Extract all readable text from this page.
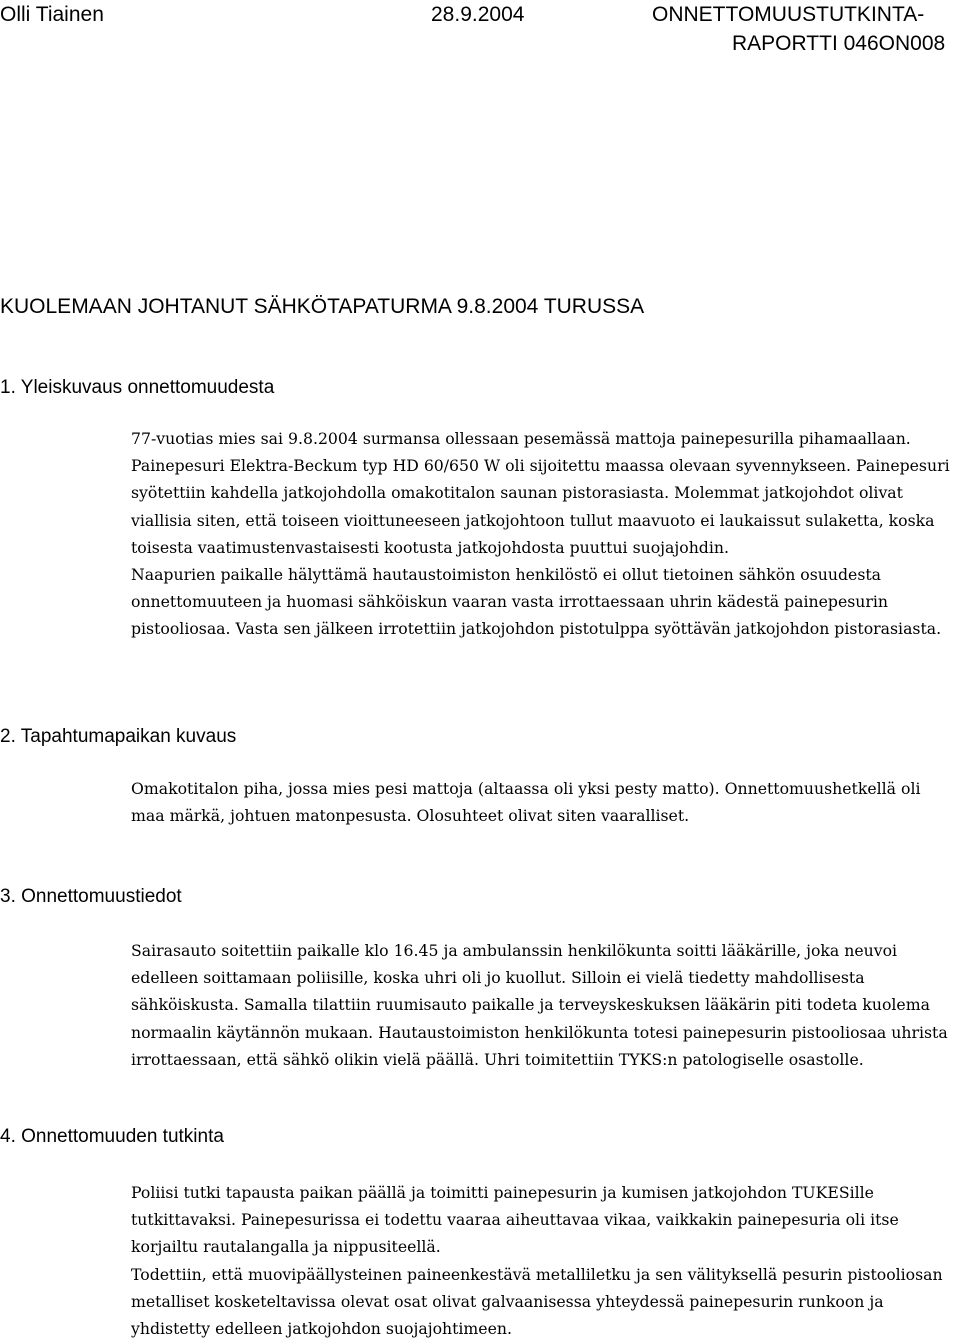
Olli Tiainen	28.9.2004	ONNETTOMUUSTUTKINTA-
RAPORTTI 046ON008
KUOLEMAAN JOHTANUT SÄHKÖTAPATURMA 9.8.2004 TURUSSA
1. Yleiskuvaus onnettomuudesta

77-vuotias mies sai 9.8.2004 surmansa ollessaan pesemässä mattoja painepesurilla pihamaallaan. Painepesuri Elektra-Beckum typ HD 60/650 W oli sijoitettu maassa olevaan syvennykseen. Painepesuri syötettiin kahdella jatkojohdolla omakotitalon saunan pistorasiasta. Molemmat jatkojohdot olivat viallisia siten, että toiseen vioittuneeseen jatkojohtoon tullut maavuoto ei laukaissut sulaketta, koska toisesta vaatimustenvastaisesti kootusta jatkojohdosta puuttui suojajohdin.

Naapurien paikalle hälyttämä hautaustoimiston henkilöstö ei ollut tietoinen sähkön osuudesta onnettomuuteen ja huomasi sähköiskun vaaran vasta irrottaessaan uhrin kädestä painepesurin pistooliosaa. Vasta sen jälkeen irrotettiin jatkojohdon pistotulppa syöttävän jatkojohdon pistorasiasta.

2. Tapahtumapaikan kuvaus

Omakotitalon piha, jossa mies pesi mattoja (altaassa oli yksi pesty matto). Onnettomuushetkellä oli maa märkä, johtuen matonpesusta. Olosuhteet olivat siten vaaralliset.

3. Onnettomuustiedot

Sairasauto soitettiin paikalle klo 16.45 ja ambulanssin henkilökunta soitti lääkärille, joka neuvoi edelleen soittamaan poliisille, koska uhri oli jo kuollut. Silloin ei vielä tiedetty mahdollisesta sähköiskusta. Samalla tilattiin ruumisauto paikalle ja terveyskeskuksen lääkärin piti todeta kuolema normaalin käytännön mukaan. Hautaustoimiston henkilökunta totesi painepesurin pistooliosaa uhrista irrottaessaan, että sähkö olikin vielä päällä. Uhri toimitettiin TYKS:n patologiselle osastolle.

4. Onnettomuuden tutkinta

Poliisi tutki tapausta paikan päällä ja toimitti painepesurin ja kumisen jatkojohdon TUKESille tutkittavaksi. Painepesurissa ei todettu vaaraa aiheuttavaa vikaa, vaikkakin painepesuria oli itse korjailtu rautalangalla ja nippusiteellä.

Todettiin, että muovipäällysteinen paineenkestävä metalliletku ja sen välityksellä pesurin pistooliosan metalliset kosketeltavissa olevat osat olivat galvaanisessa yhteydessä painepesurin runkoon ja yhdistetty edelleen jatkojohdon suojajohtimeen.
